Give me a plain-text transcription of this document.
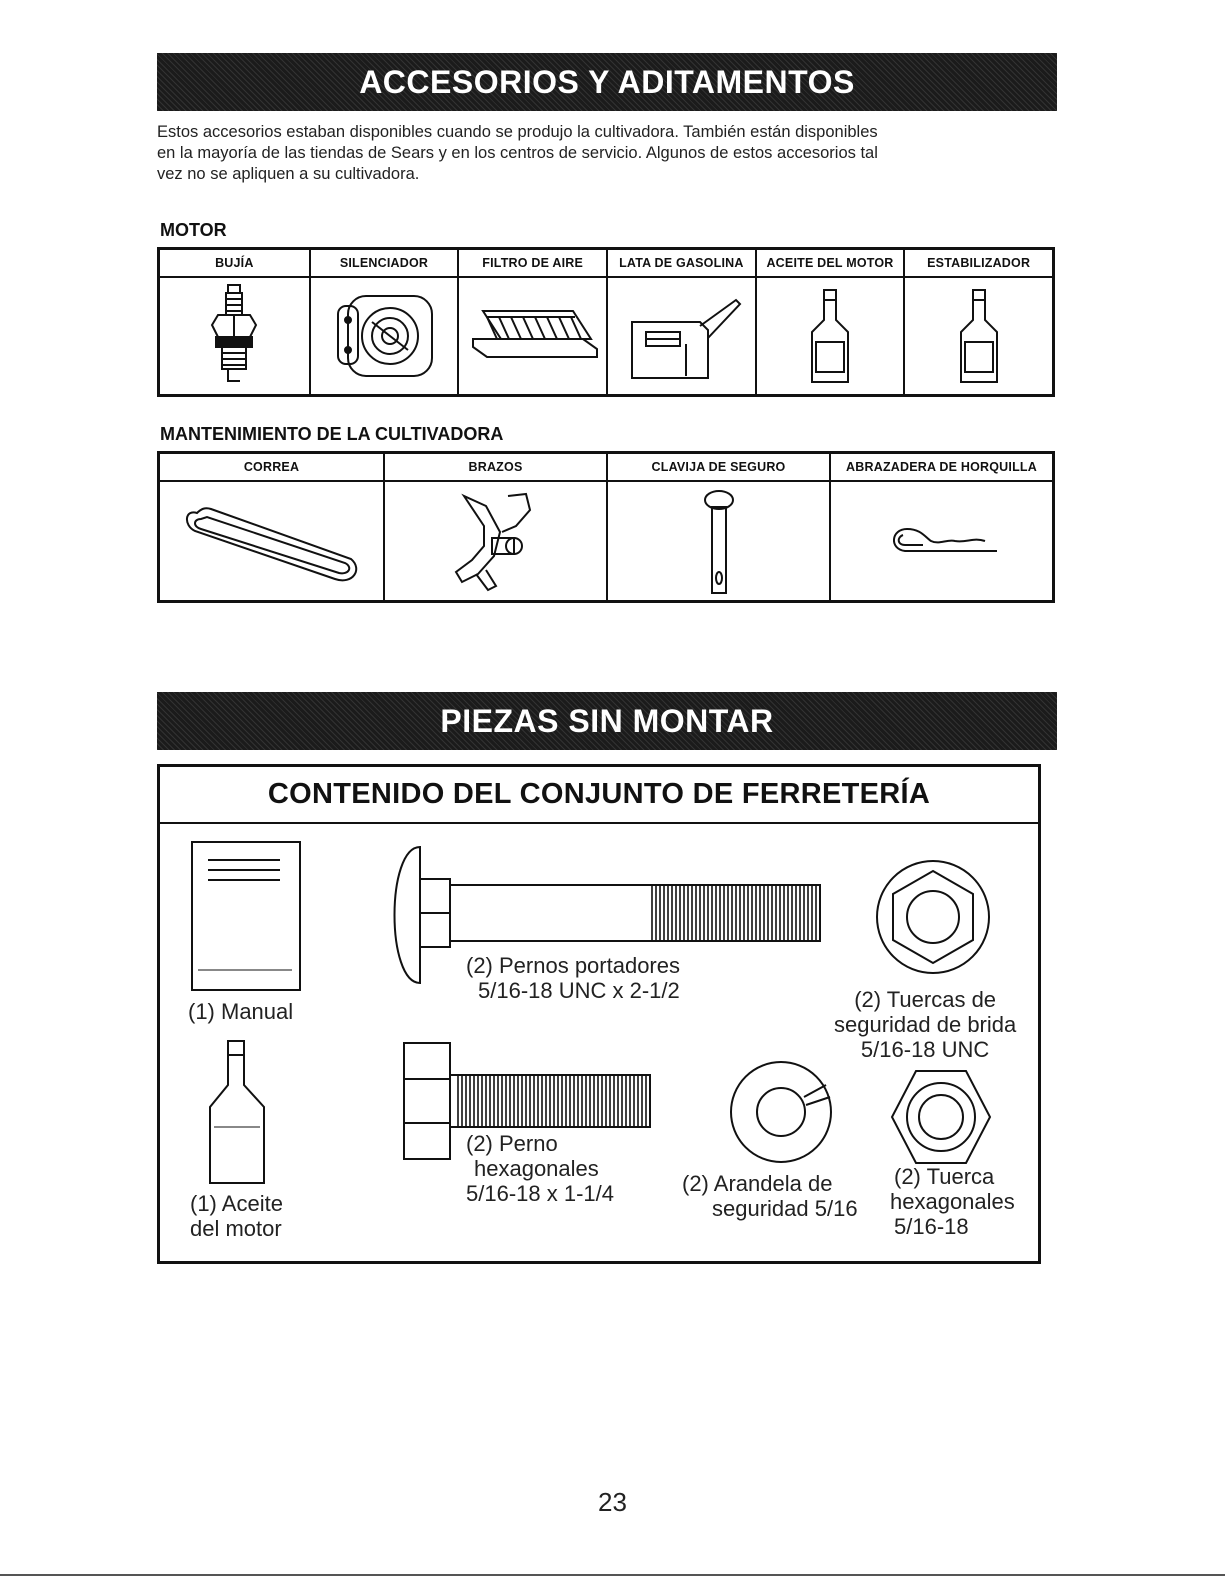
ACCESORIOS Y ADITAMENTOS
Estos accesorios estaban disponibles cuando se produjo la cultivadora. También están disponibles
en la mayoría de las tiendas de Sears y en los centros de servicio. Algunos de estos accesorios tal
vez no se apliquen a su cultivadora.
MOTOR
BUJÍA	SILENCIADOR	FILTRO DE AIRE	LATA DE GASOLINA	ACEITE DEL MOTOR	ESTABILIZADOR
MANTENIMIENTO DE LA CULTIVADORA
CORREA	BRAZOS	CLAVIJA DE SEGURO	ABRAZADERA DE HORQUILLA
PIEZAS SIN MONTAR
CONTENIDO DEL CONJUNTO DE FERRETERÍA
(1) Manual
(1) Aceite
del motor
(2) Pernos portadores
5/16-18 UNC x 2-1/2	(2) Tuercas de
seguridad de brida
5/16-18 UNC
(2) Perno
hexagonales
5/16-18 x 1-1/4	(2) Arandela de
seguridad 5/16
(2) Tuerca
hexagonales
5/16-18
23
